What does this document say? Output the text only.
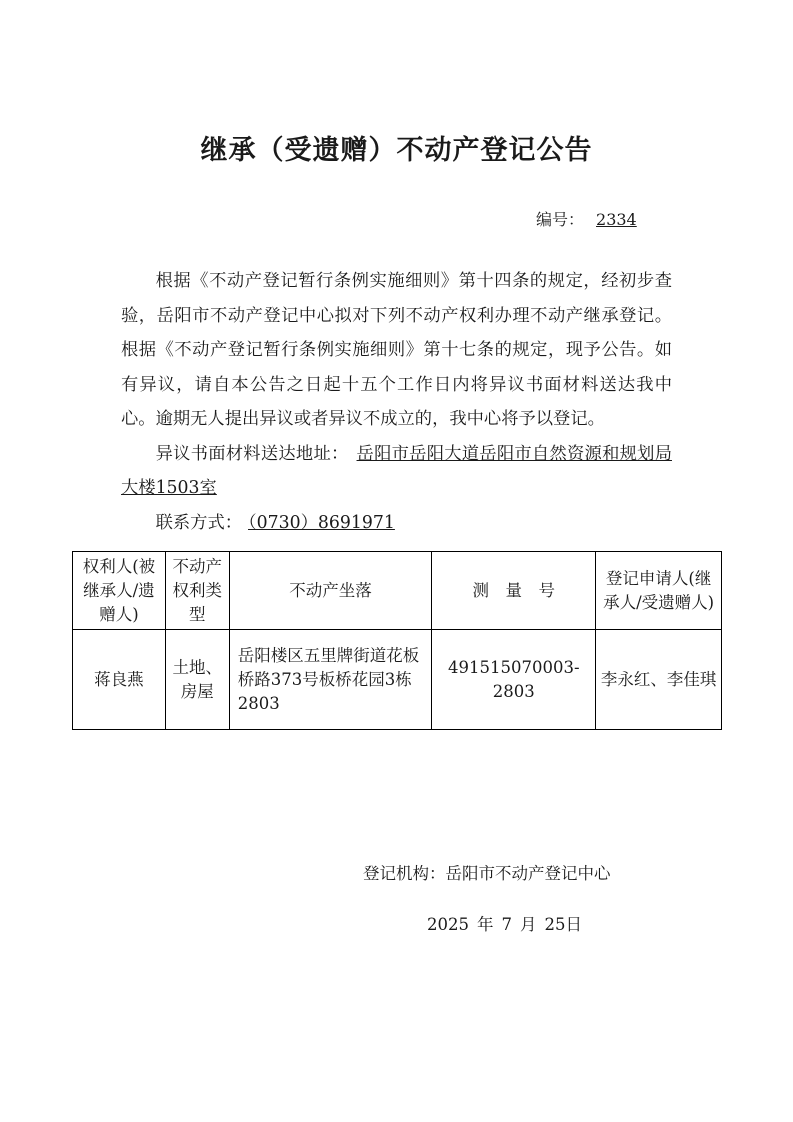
继承（受遗赠）不动产登记公告
编号： 2334

根据《不动产登记暂行条例实施细则》第十四条的规定，经初步查验，岳阳市不动产登记中心拟对下列不动产权利办理不动产继承登记。根据《不动产登记暂行条例实施细则》第十七条的规定，现予公告。如有异议，请自本公告之日起十五个工作日内将异议书面材料送达我中心。逾期无人提出异议或者异议不成立的，我中心将予以登记。

异议书面材料送达地址： 岳阳市岳阳大道岳阳市自然资源和规划局大楼1503室

联系方式： （0730）8691971

权利人(被继承人/遗赠人)	不动产权利类型	不动产坐落	测　量　号	登记申请人(继承人/受遗赠人)
蒋良燕	土地、房屋	岳阳楼区五里牌街道花板桥路373号板桥花园3栋2803	491515070003-2803	李永红、李佳琪
登记机构：岳阳市不动产登记中心
2025 年 7 月 25日
